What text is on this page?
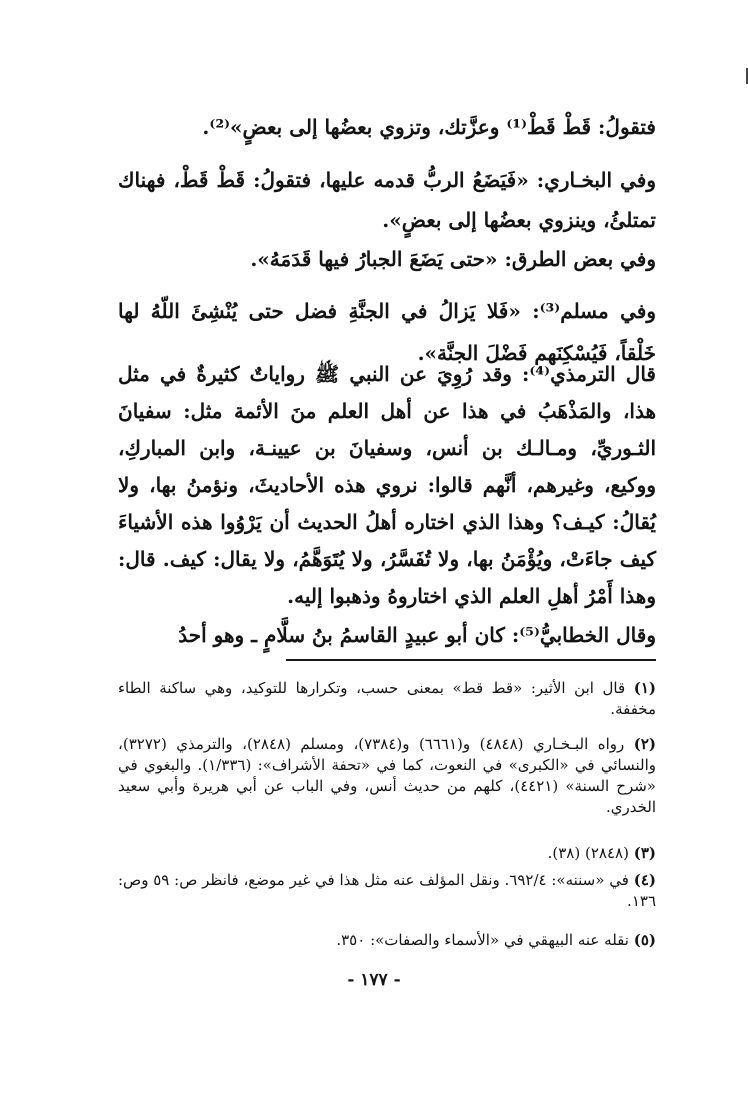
فتقولُ: قَطْ قَطْ⁽¹⁾ وعزَّتك، وتزوي بعضُها إلى بعضٍ»⁽²⁾.
وفي البخـاري: «فَيَضَعُ الربُّ قدمه عليها، فتقولُ: قَطْ قَطْ، فهناك تمتلئُ، وينزوي بعضُها إلى بعضٍ».
وفي بعض الطرق: «حتى يَضَعَ الجبارُ فيها قَدَمَهُ».
وفي مسلم⁽³⁾: «فَلا يَزالُ في الجنَّةِ فضل حتى يُنْشِئَ اللّهُ لها خَلْقاً، فَيُسْكِنَهم فَضْلَ الجنَّة».
قال الترمذي⁽⁴⁾: وقد رُوِيَ عن النبي ﷺ رواياتٌ كثيرةٌ في مثل هذا، والمَذْهَبُ في هذا عن أهل العلم منَ الأئمة مثل: سفيانَ الثـوريِّ، ومـالـك بن أنس، وسفيانَ بن عيينـة، وابن المباركِ، ووكيع، وغيرهم، أنَّهم قالوا: نروي هذه الأحاديثَ، ونؤمنُ بها، ولا يُقالُ: كيـف؟ وهذا الذي اختاره أهلُ الحديث أن يَرْوُوا هذه الأشياءَ كيف جاءَتْ، ويُؤْمَنُ بها، ولا تُفَسَّرُ، ولا يُتَوَهَّمُ، ولا يقال: كيف. قال: وهذا أَمْرُ أهلِ العلم الذي اختاروهُ وذهبوا إليه.
وقال الخطابيُّ⁽⁵⁾: كان أبو عبيدٍ القاسمُ بنُ سلَّامٍ ـ وهو أحدُ
(١) قال ابن الأثير: «قط قط» بمعنى حسب، وتكرارها للتوكيد، وهي ساكنة الطاء مخففة.
(٢) رواه البـخـاري (٤٨٤٨) و(٦٦٦١) و(٧٣٨٤)، ومسلم (٢٨٤٨)، والترمذي (٣٢٧٢)، والنسائي في «الكبرى» في النعوت، كما في «تحفة الأشراف»: (١/٣٣٦). والبغوي في «شرح السنة» (٤٤٢١)، كلهم من حديث أنس، وفي الباب عن أبي هريرة وأبي سعيد الخدري.
(٣) (٢٨٤٨) (٣٨).
(٤) في «سننه»: ٦٩٢/٤. ونقل المؤلف عنه مثل هذا في غير موضع، فانظر ص: ٥٩ وص: ١٣٦.
(٥) نقله عنه البيهقي في «الأسماء والصفات»: ٣٥٠.
- ١٧٧ -
